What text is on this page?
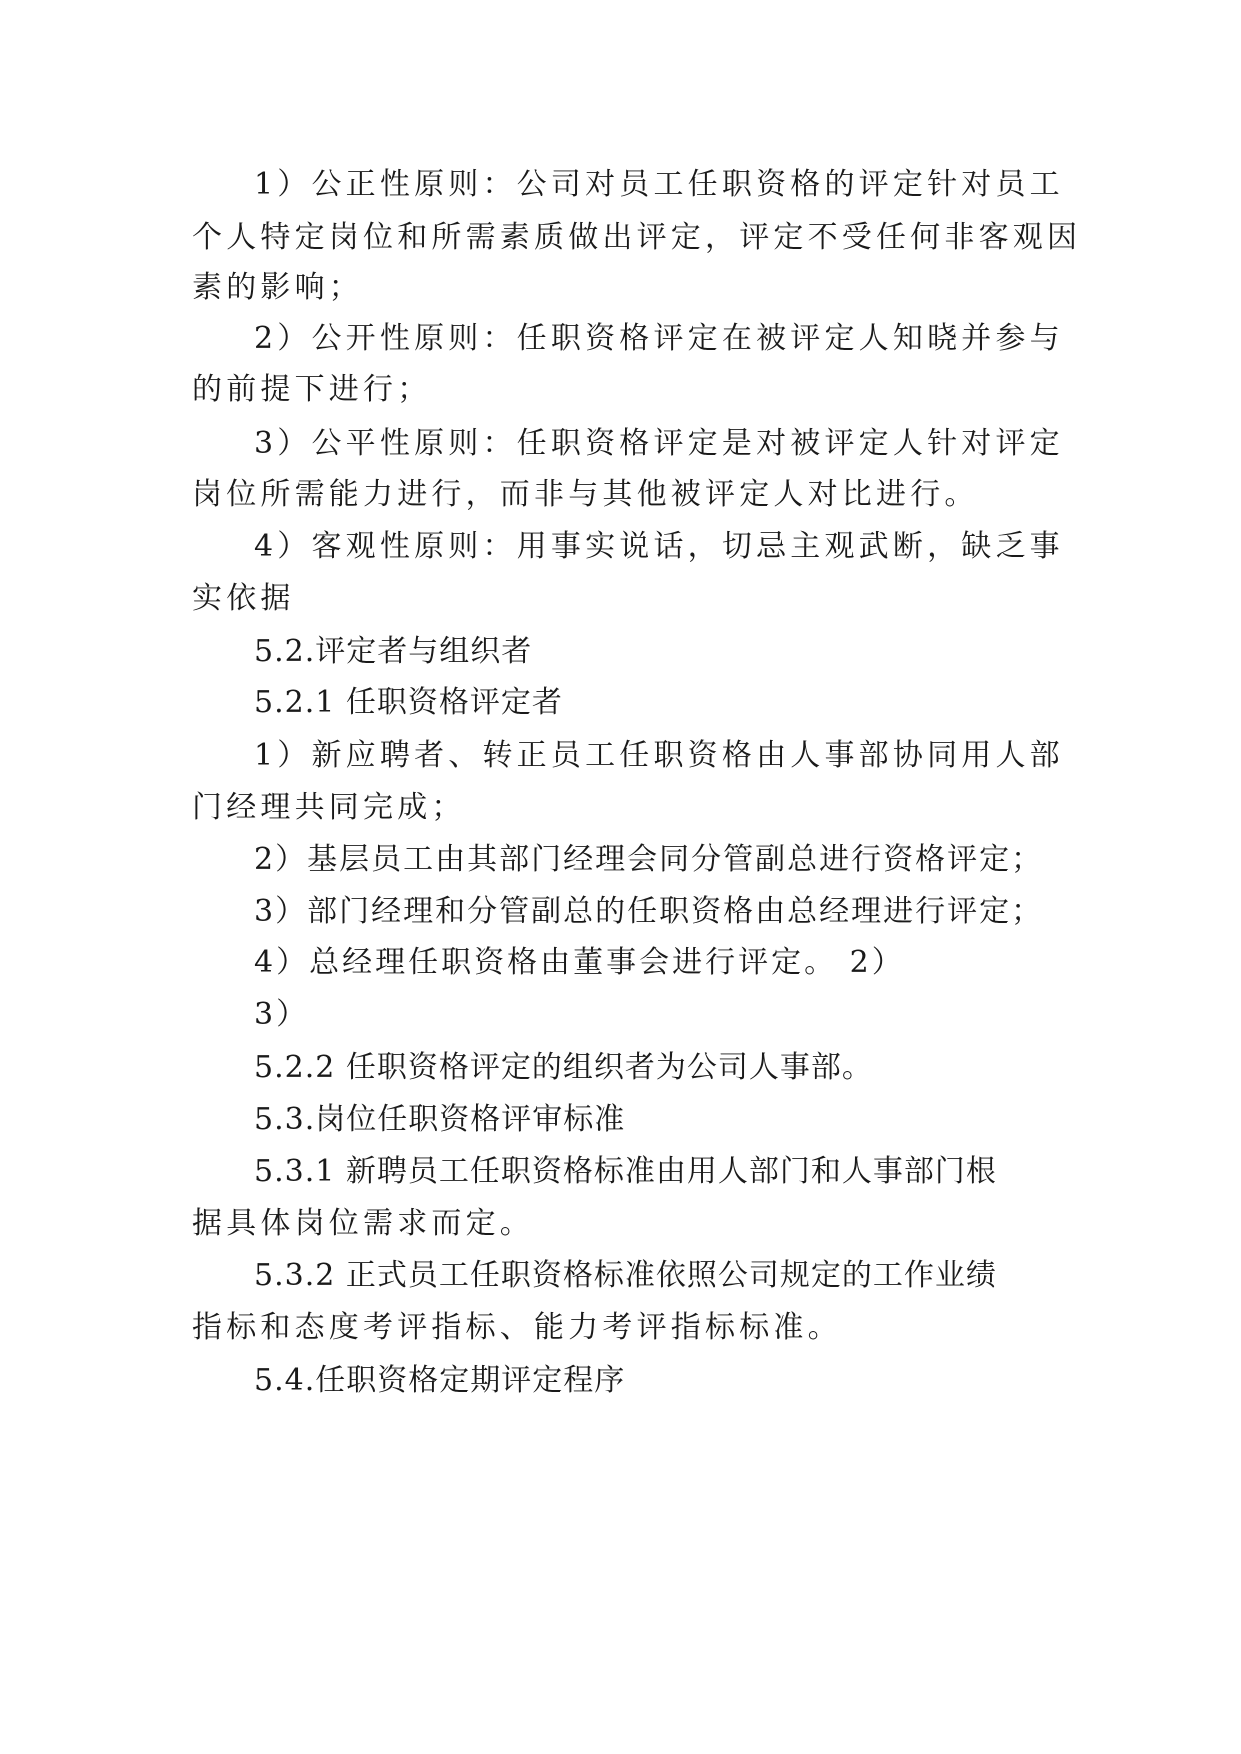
1）公正性原则：公司对员工任职资格的评定针对员工
个人特定岗位和所需素质做出评定，评定不受任何非客观因
素的影响；
2）公开性原则：任职资格评定在被评定人知晓并参与
的前提下进行；
3）公平性原则：任职资格评定是对被评定人针对评定
岗位所需能力进行，而非与其他被评定人对比进行。
4）客观性原则：用事实说话，切忌主观武断，缺乏事
实依据
5.2.评定者与组织者
5.2.1 任职资格评定者
1）新应聘者、转正员工任职资格由人事部协同用人部
门经理共同完成；
2）基层员工由其部门经理会同分管副总进行资格评定；
3）部门经理和分管副总的任职资格由总经理进行评定；
4）总经理任职资格由董事会进行评定。 2）
3）
5.2.2 任职资格评定的组织者为公司人事部。
5.3.岗位任职资格评审标准
5.3.1 新聘员工任职资格标准由用人部门和人事部门根
据具体岗位需求而定。
5.3.2 正式员工任职资格标准依照公司规定的工作业绩
指标和态度考评指标、能力考评指标标准。
5.4.任职资格定期评定程序
